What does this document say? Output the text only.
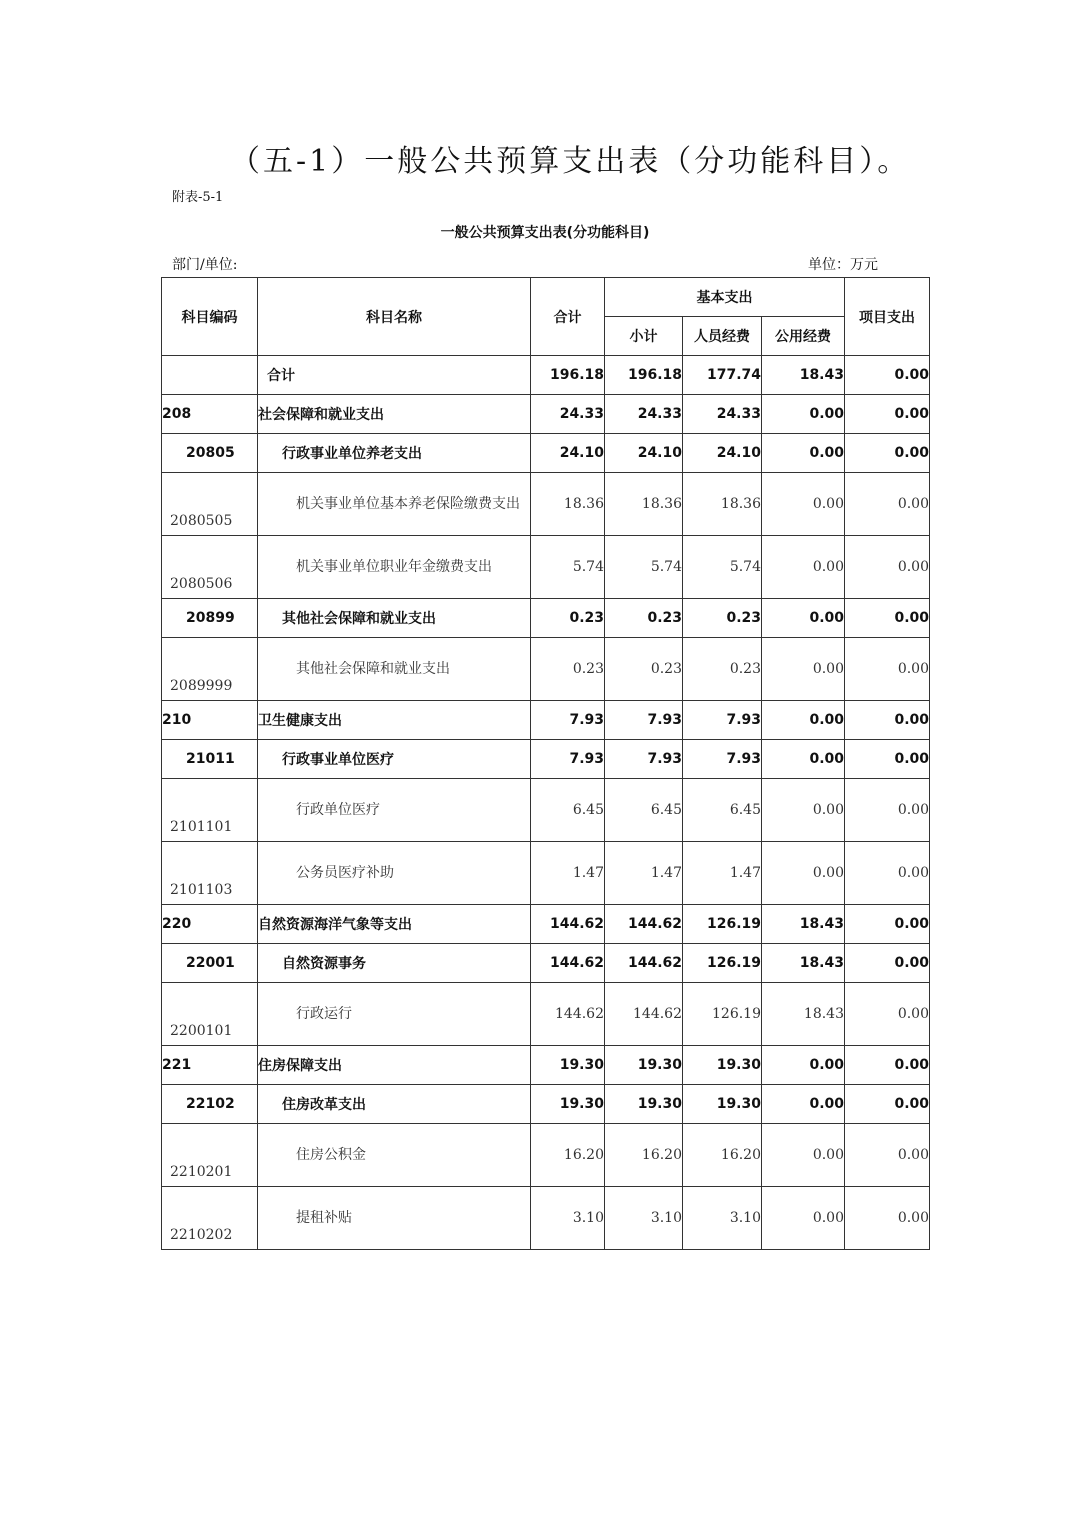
（五-1）一般公共预算支出表（分功能科目）。
附表-5-1
一般公共预算支出表(分功能科目)
部门/单位:	单位：万元
科目编码	科目名称	合计	基本支出			项目支出
			小计	人员经费	公用经费	
	合计	196.18	196.18	177.74	18.43	0.00
208	社会保障和就业支出	24.33	24.33	24.33	0.00	0.00
20805	行政事业单位养老支出	24.10	24.10	24.10	0.00	0.00
2080505	机关事业单位基本养老保险缴费支出	18.36	18.36	18.36	0.00	0.00
2080506	机关事业单位职业年金缴费支出	5.74	5.74	5.74	0.00	0.00
20899	其他社会保障和就业支出	0.23	0.23	0.23	0.00	0.00
2089999	其他社会保障和就业支出	0.23	0.23	0.23	0.00	0.00
210	卫生健康支出	7.93	7.93	7.93	0.00	0.00
21011	行政事业单位医疗	7.93	7.93	7.93	0.00	0.00
2101101	行政单位医疗	6.45	6.45	6.45	0.00	0.00
2101103	公务员医疗补助	1.47	1.47	1.47	0.00	0.00
220	自然资源海洋气象等支出	144.62	144.62	126.19	18.43	0.00
22001	自然资源事务	144.62	144.62	126.19	18.43	0.00
2200101	行政运行	144.62	144.62	126.19	18.43	0.00
221	住房保障支出	19.30	19.30	19.30	0.00	0.00
22102	住房改革支出	19.30	19.30	19.30	0.00	0.00
2210201	住房公积金	16.20	16.20	16.20	0.00	0.00
2210202	提租补贴	3.10	3.10	3.10	0.00	0.00
